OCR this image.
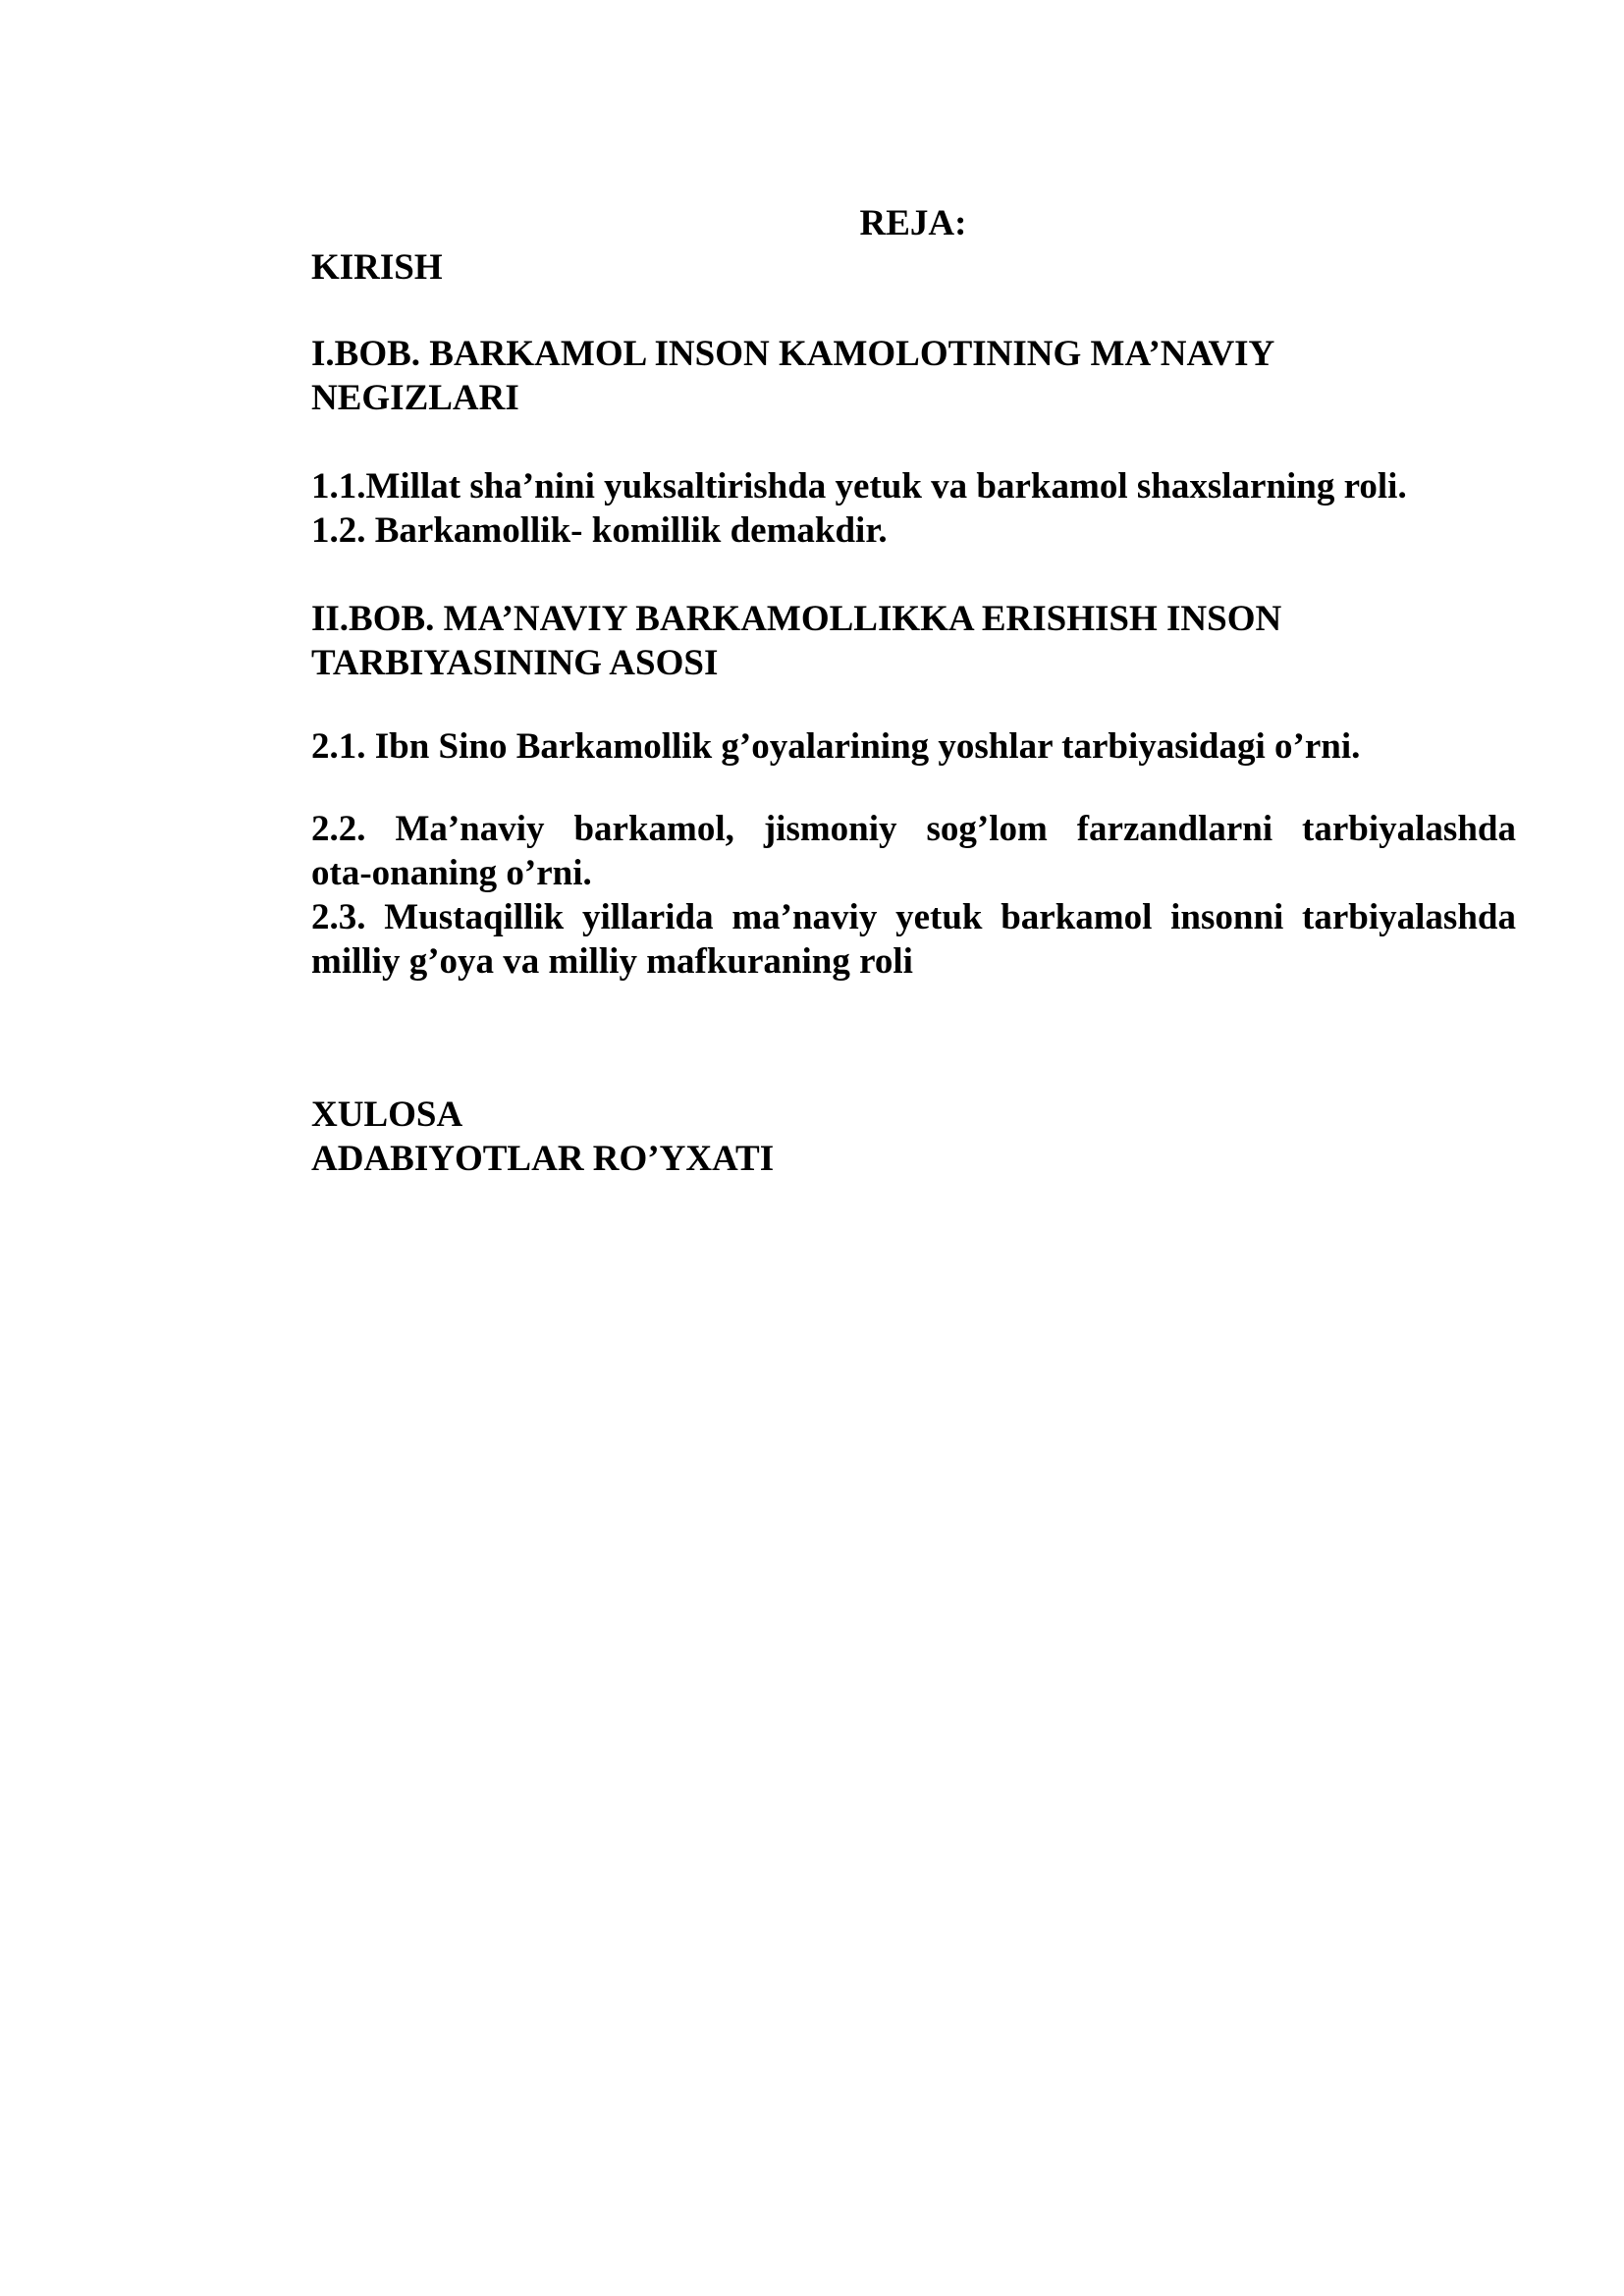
REJA:
KIRISH
I.BOB. BARKAMOL INSON KAMOLOTINING MA’NAVIY
NEGIZLARI
1.1.Millat sha’nini yuksaltirishda yetuk va barkamol shaxslarning roli.
1.2. Barkamollik- komillik demakdir.
II.BOB. MA’NAVIY BARKAMOLLIKKA ERISHISH INSON
TARBIYASINING ASOSI
2.1. Ibn Sino Barkamollik g’oyalarining yoshlar tarbiyasidagi o’rni.
2.2. Ma’naviy barkamol, jismoniy sog’lom farzandlarni tarbiyalashda
ota-onaning o’rni.
2.3. Mustaqillik yillarida ma’naviy yetuk barkamol insonni tarbiyalashda
milliy g’oya va milliy mafkuraning roli
XULOSA
ADABIYOTLAR RO’YXATI
